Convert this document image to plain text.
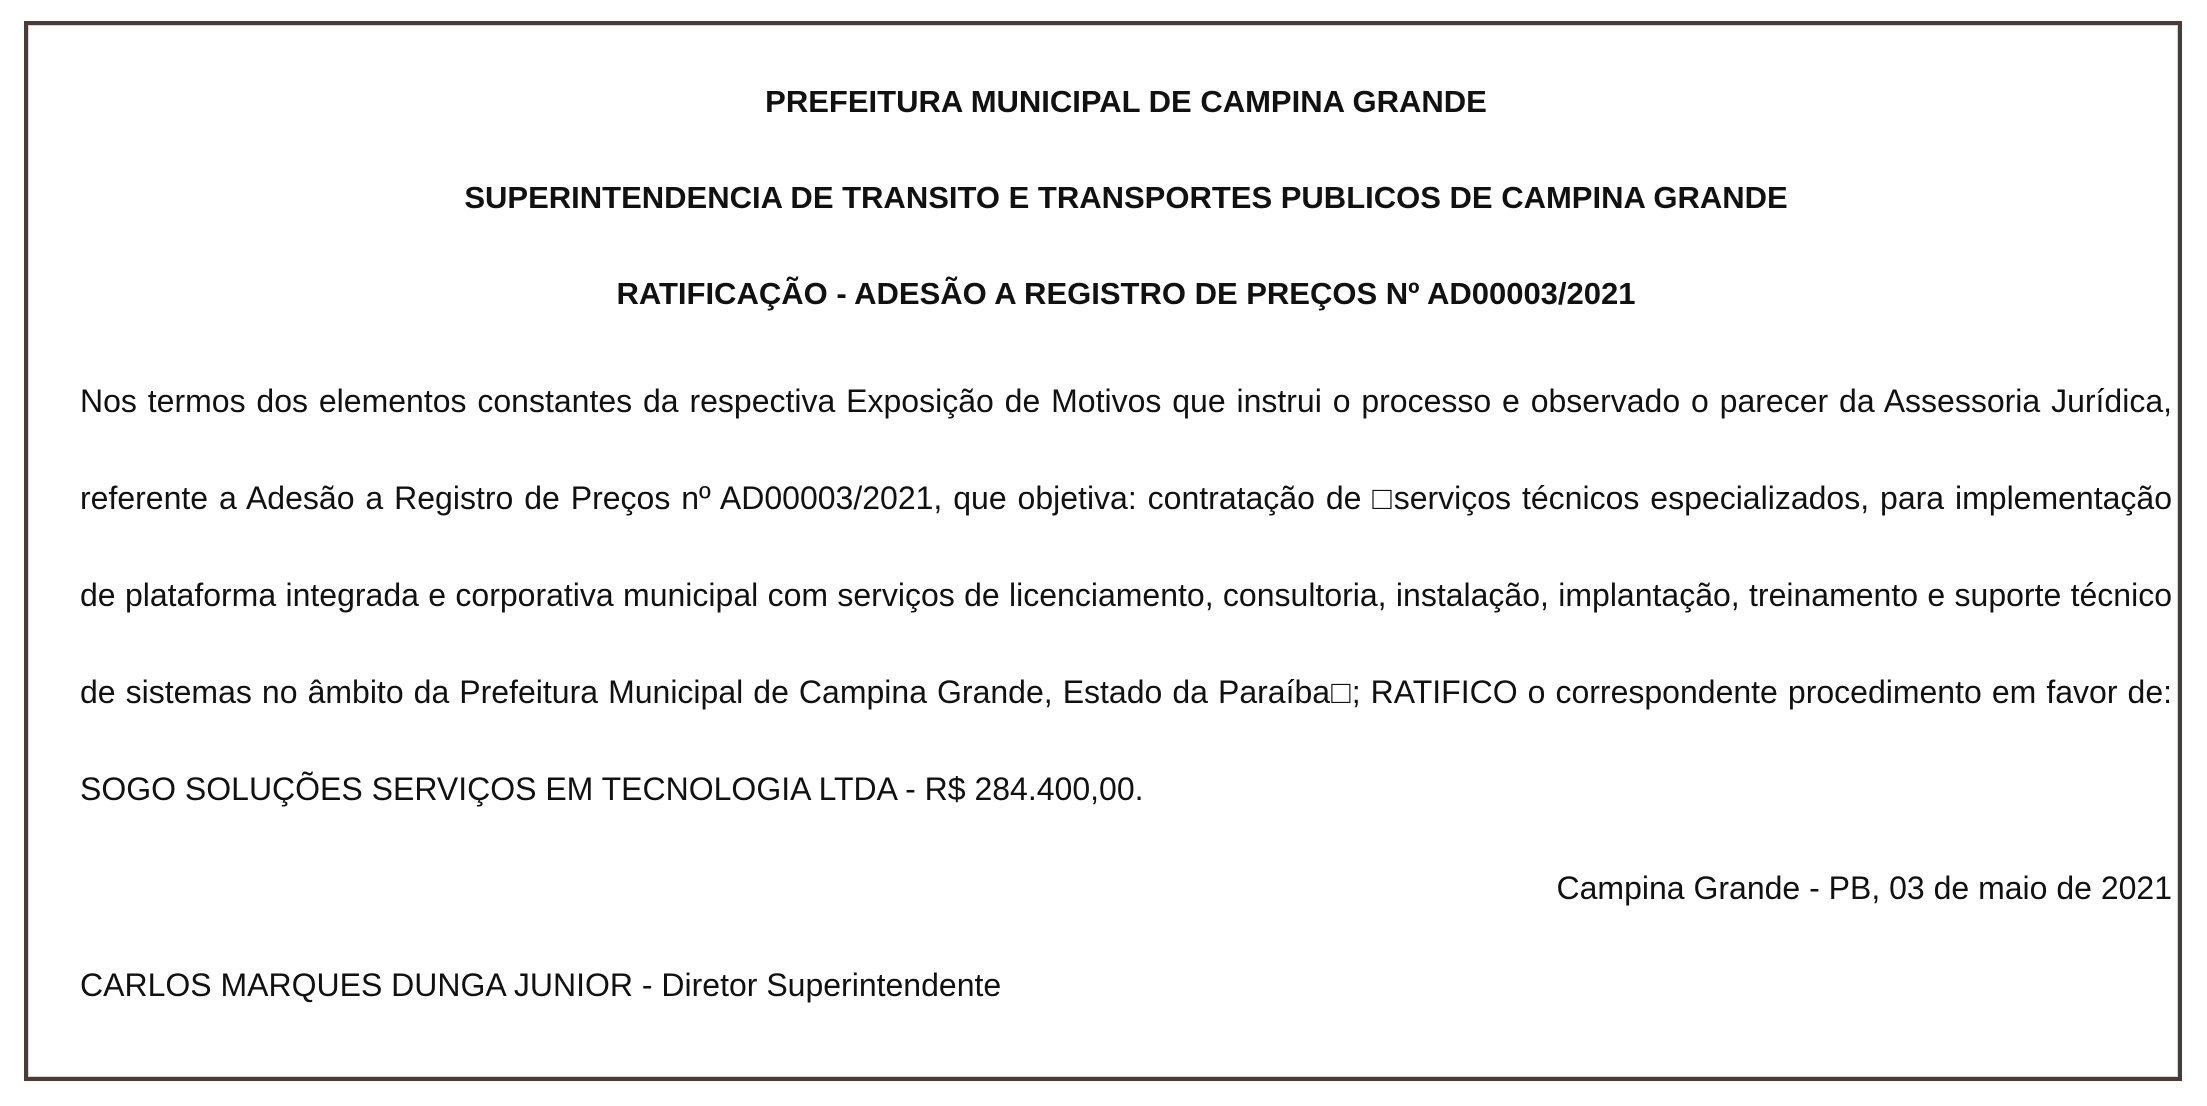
PREFEITURA MUNICIPAL DE CAMPINA GRANDE

SUPERINTENDENCIA DE TRANSITO E TRANSPORTES PUBLICOS DE CAMPINA GRANDE

RATIFICAÇÃO - ADESÃO A REGISTRO DE PREÇOS Nº AD00003/2021

Nos termos dos elementos constantes da respectiva Exposição de Motivos que instrui o processo e observado o parecer da Assessoria Jurídica, referente a Adesão a Registro de Preços nº AD00003/2021, que objetiva: contratação de □serviços técnicos especializados, para implementação de plataforma integrada e corporativa municipal com serviços de licenciamento, consultoria, instalação, implantação, treinamento e suporte técnico de sistemas no âmbito da Prefeitura Municipal de Campina Grande, Estado da Paraíba□; RATIFICO o correspondente procedimento em favor de: SOGO SOLUÇÕES SERVIÇOS EM TECNOLOGIA LTDA - R$ 284.400,00.

Campina Grande - PB, 03 de maio de 2021

CARLOS MARQUES DUNGA JUNIOR - Diretor Superintendente
